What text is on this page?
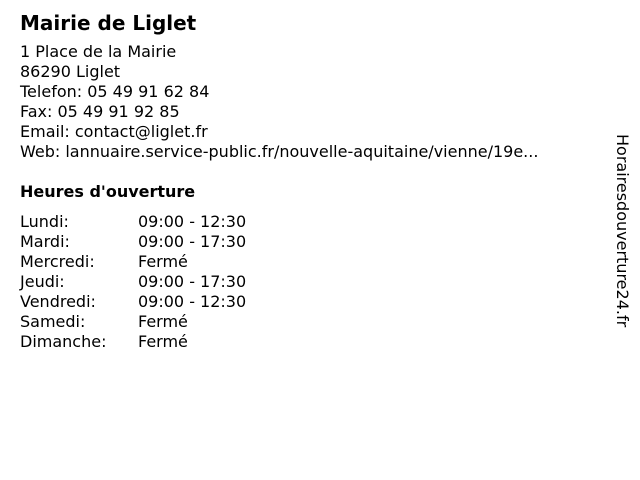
Mairie de Liglet
1 Place de la Mairie
86290 Liglet
Telefon: 05 49 91 62 84
Fax: 05 49 91 92 85
Email: contact@liglet.fr
Web: lannuaire.service-public.fr/nouvelle-aquitaine/vienne/19e...
Heures d'ouverture
Lundi:	09:00 - 12:30
Mardi:	09:00 - 17:30
Mercredi:	Fermé
Jeudi:	09:00 - 17:30
Vendredi:	09:00 - 12:30
Samedi:	Fermé
Dimanche:	Fermé
Horairesdouverture24.fr
